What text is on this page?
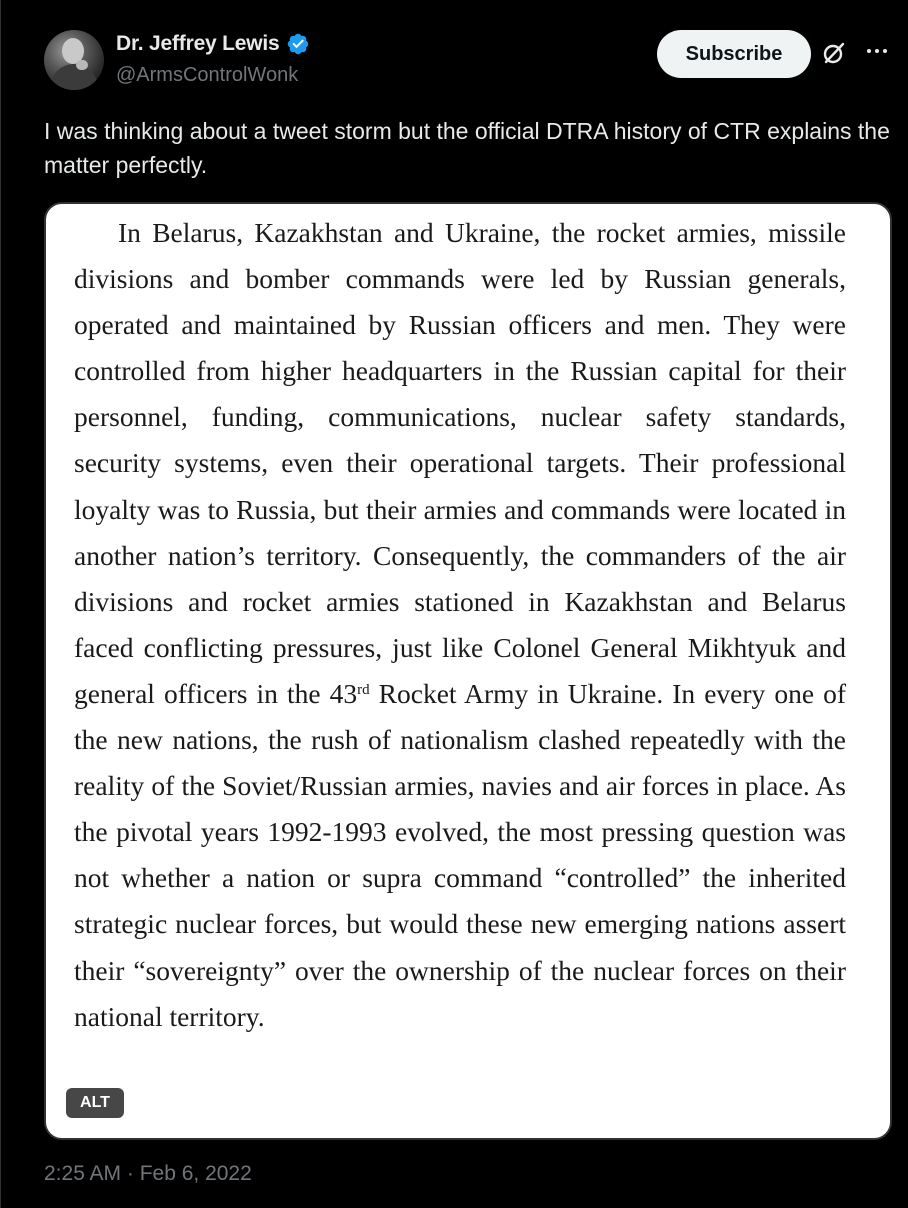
Dr. Jeffrey Lewis
@ArmsControlWonk
Subscribe
I was thinking about a tweet storm but the official DTRA history of CTR explains the matter perfectly.
In Belarus, Kazakhstan and Ukraine, the rocket armies, missile divisions and bomber commands were led by Russian generals, operated and maintained by Russian officers and men. They were controlled from higher headquarters in the Russian capital for their personnel, funding, communications, nuclear safety standards, security systems, even their operational targets. Their professional loyalty was to Russia, but their armies and commands were located in another nation’s territory. Consequently, the commanders of the air divisions and rocket armies stationed in Kazakhstan and Belarus faced conflicting pressures, just like Colonel General Mikhtyuk and general officers in the 43rd Rocket Army in Ukraine. In every one of the new nations, the rush of nationalism clashed repeatedly with the reality of the Soviet/Russian armies, navies and air forces in place. As the pivotal years 1992-1993 evolved, the most pressing question was not whether a nation or supra command “controlled” the inherited strategic nuclear forces, but would these new emerging nations assert their “sovereignty” over the ownership of the nuclear forces on their national territory.
ALT
2:25 AM · Feb 6, 2022
